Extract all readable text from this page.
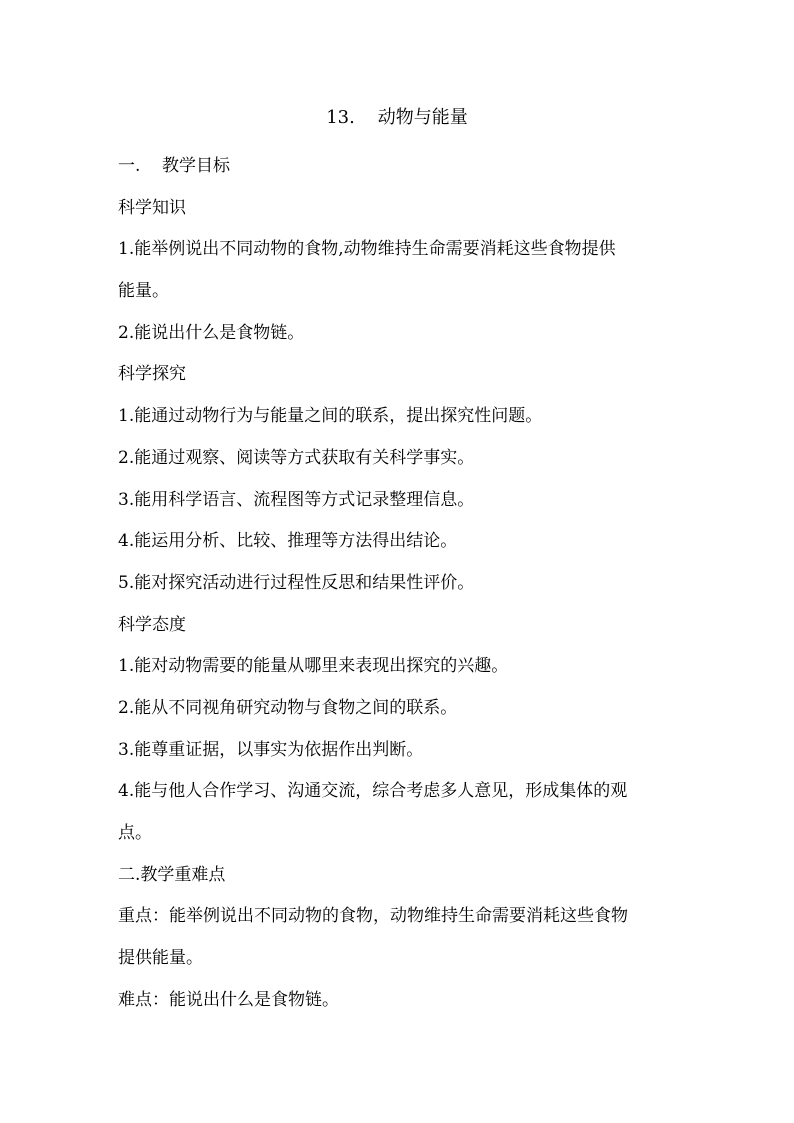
13.    动物与能量
一.    教学目标
科学知识
1.能举例说出不同动物的食物,动物维持生命需要消耗这些食物提供
能量。
2.能说出什么是食物链。
科学探究
1.能通过动物行为与能量之间的联系，提出探究性问题。
2.能通过观察、阅读等方式获取有关科学事实。
3.能用科学语言、流程图等方式记录整理信息。
4.能运用分析、比较、推理等方法得出结论。
5.能对探究活动进行过程性反思和结果性评价。
科学态度
1.能对动物需要的能量从哪里来表现出探究的兴趣。
2.能从不同视角研究动物与食物之间的联系。
3.能尊重证据，以事实为依据作出判断。
4.能与他人合作学习、沟通交流，综合考虑多人意见，形成集体的观
点。
二.教学重难点
重点：能举例说出不同动物的食物，动物维持生命需要消耗这些食物
提供能量。
难点：能说出什么是食物链。
